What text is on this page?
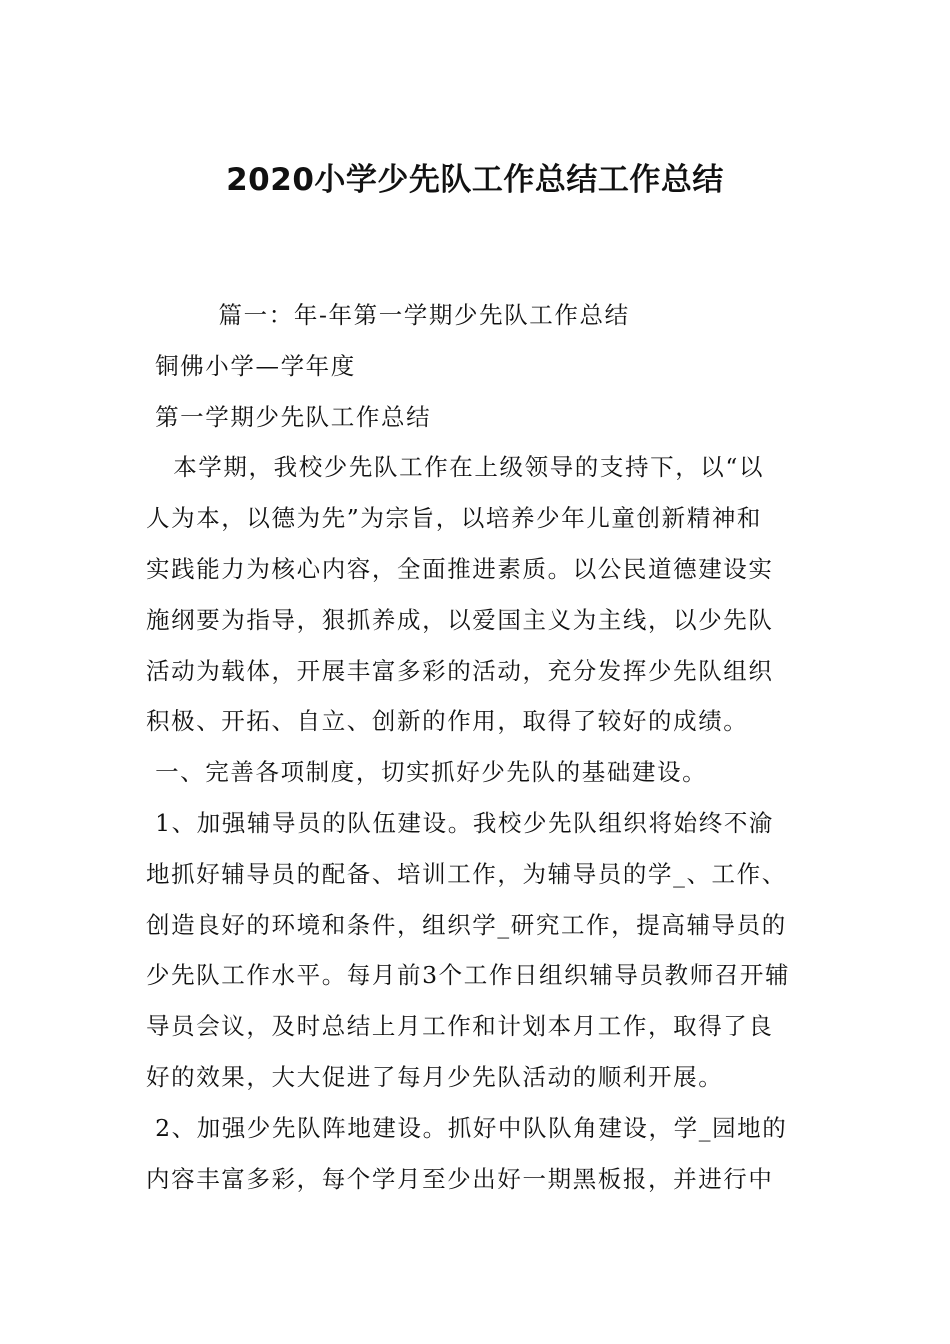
2020小学少先队工作总结工作总结
篇一：年-年第一学期少先队工作总结
铜佛小学—学年度
第一学期少先队工作总结
本学期，我校少先队工作在上级领导的支持下，以“以
人为本，以德为先”为宗旨，以培养少年儿童创新精神和
实践能力为核心内容，全面推进素质。以公民道德建设实
施纲要为指导，狠抓养成，以爱国主义为主线，以少先队
活动为载体，开展丰富多彩的活动，充分发挥少先队组织
积极、开拓、自立、创新的作用，取得了较好的成绩。
一、完善各项制度，切实抓好少先队的基础建设。
1、加强辅导员的队伍建设。我校少先队组织将始终不渝
地抓好辅导员的配备、培训工作，为辅导员的学_、工作、
创造良好的环境和条件，组织学_研究工作，提高辅导员的
少先队工作水平。每月前3个工作日组织辅导员教师召开辅
导员会议，及时总结上月工作和计划本月工作，取得了良
好的效果，大大促进了每月少先队活动的顺利开展。
2、加强少先队阵地建设。抓好中队队角建设，学_园地的
内容丰富多彩，每个学月至少出好一期黑板报，并进行中
